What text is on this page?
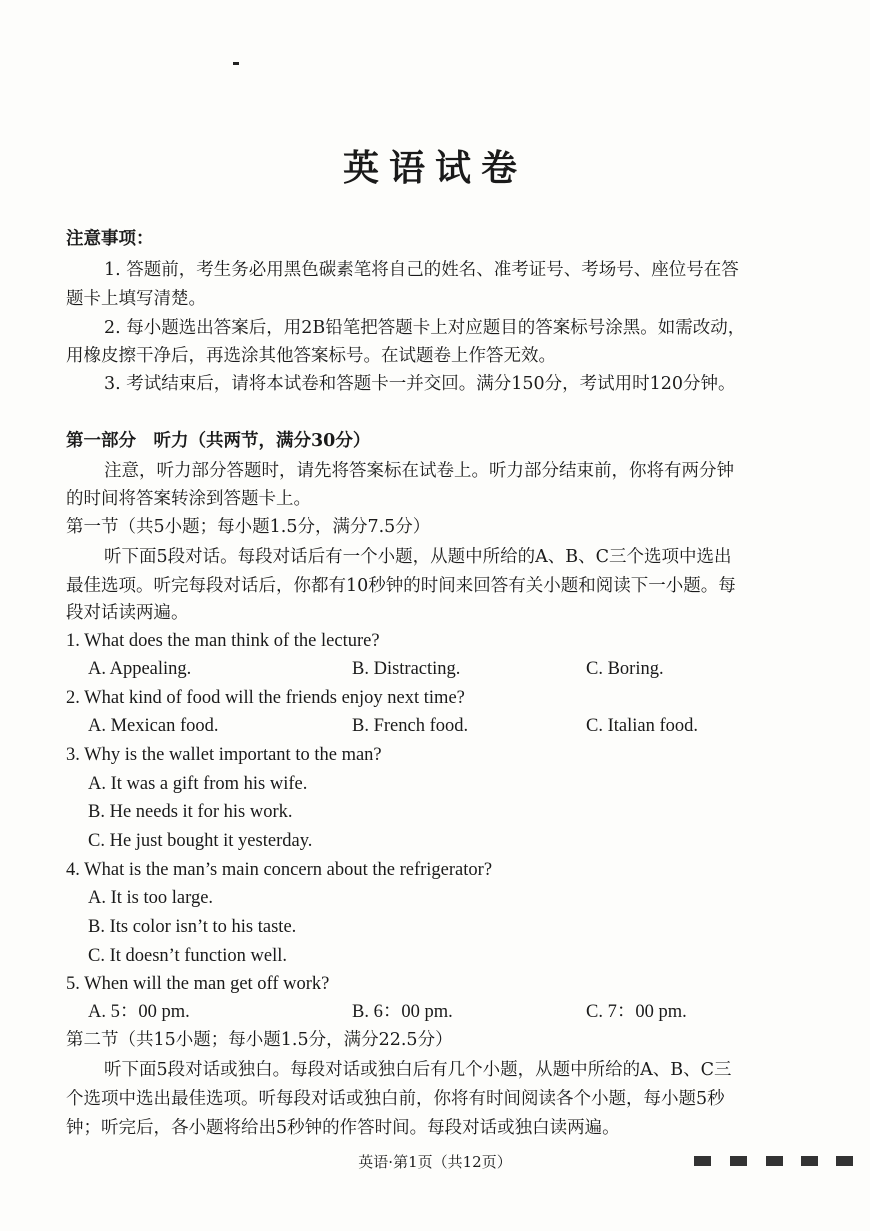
英语试卷
注意事项：
1. 答题前，考生务必用黑色碳素笔将自己的姓名、准考证号、考场号、座位号在答
题卡上填写清楚。
2. 每小题选出答案后，用2B铅笔把答题卡上对应题目的答案标号涂黑。如需改动，
用橡皮擦干净后，再选涂其他答案标号。在试题卷上作答无效。
3. 考试结束后，请将本试卷和答题卡一并交回。满分150分，考试用时120分钟。
第一部分　听力（共两节，满分30分）
注意，听力部分答题时，请先将答案标在试卷上。听力部分结束前，你将有两分钟
的时间将答案转涂到答题卡上。
第一节（共5小题；每小题1.5分，满分7.5分）
听下面5段对话。每段对话后有一个小题，从题中所给的A、B、C三个选项中选出
最佳选项。听完每段对话后，你都有10秒钟的时间来回答有关小题和阅读下一小题。每
段对话读两遍。
1. What does the man think of the lecture?
A. Appealing.	B. Distracting.	C. Boring.
2. What kind of food will the friends enjoy next time?
A. Mexican food.	B. French food.	C. Italian food.
3. Why is the wallet important to the man?
A. It was a gift from his wife.
B. He needs it for his work.
C. He just bought it yesterday.
4. What is the man’s main concern about the refrigerator?
A. It is too large.
B. Its color isn’t to his taste.
C. It doesn’t function well.
5. When will the man get off work?
A. 5：00 pm.	B. 6：00 pm.	C. 7：00 pm.
第二节（共15小题；每小题1.5分，满分22.5分）
听下面5段对话或独白。每段对话或独白后有几个小题，从题中所给的A、B、C三
个选项中选出最佳选项。听每段对话或独白前，你将有时间阅读各个小题，每小题5秒
钟；听完后，各小题将给出5秒钟的作答时间。每段对话或独白读两遍。
英语·第1页（共12页）
